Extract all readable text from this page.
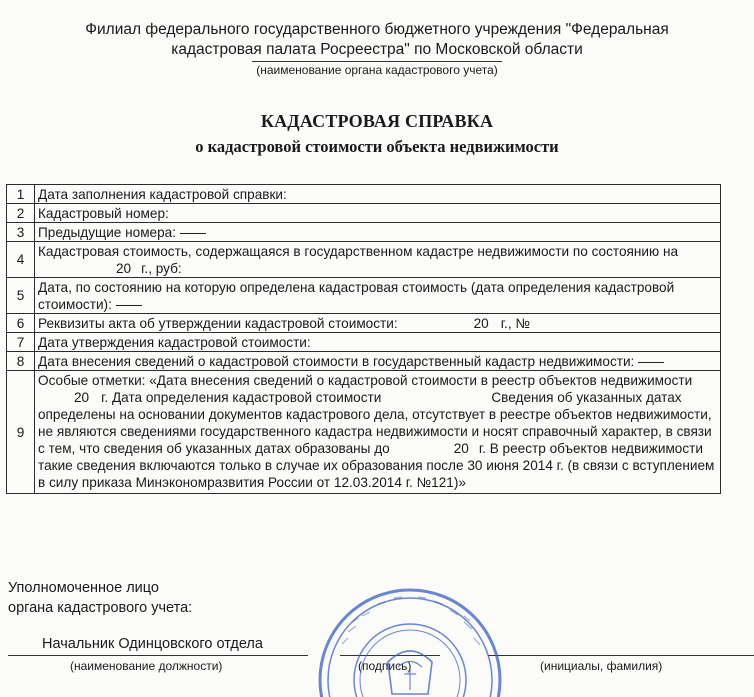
Филиал федерального государственного бюджетного учреждения "Федеральная кадастровая палата Росреестра" по Московской области
(наименование органа кадастрового учета)
КАДАСТРОВАЯ СПРАВКА
о кадастровой стоимости объекта недвижимости
1	Дата заполнения кадастровой справки:
2	Кадастровый номер:
3	Предыдущие номера:
4	Кадастровая стоимость, содержащаяся в государственном кадастре недвижимости по состоянию на20 г., руб:
5	Дата, по состоянию на которую определена кадастровая стоимость (дата определения кадастровой стоимости):
6	Реквизиты акта об утверждении кадастровой стоимости: 20 г., №
7	Дата утверждения кадастровой стоимости:
8	Дата внесения сведений о кадастровой стоимости в государственный кадастр недвижимости:
9	Особые отметки: «Дата внесения сведений о кадастровой стоимости в реестр объектов недвижимости20 г. Дата определения кадастровой стоимости Сведения об указанных датах определены на основании документов кадастрового дела, отсутствует в реестре объектов недвижимости, не являются сведениями государственного кадастра недвижимости и носят справочный характер, в связи с тем, что сведения об указанных датах образованы до 20 г. В реестр объектов недвижимости такие сведения включаются только в случае их образования после 30 июня 2014 г. (в связи с вступлением в силу приказа Минэкономразвития России от 12.03.2014 г. №121)»
Уполномоченное лицо
органа кадастрового учета:
Начальник Одинцовского отдела
(наименование должности)	(подпись)	(инициалы, фамилия)
